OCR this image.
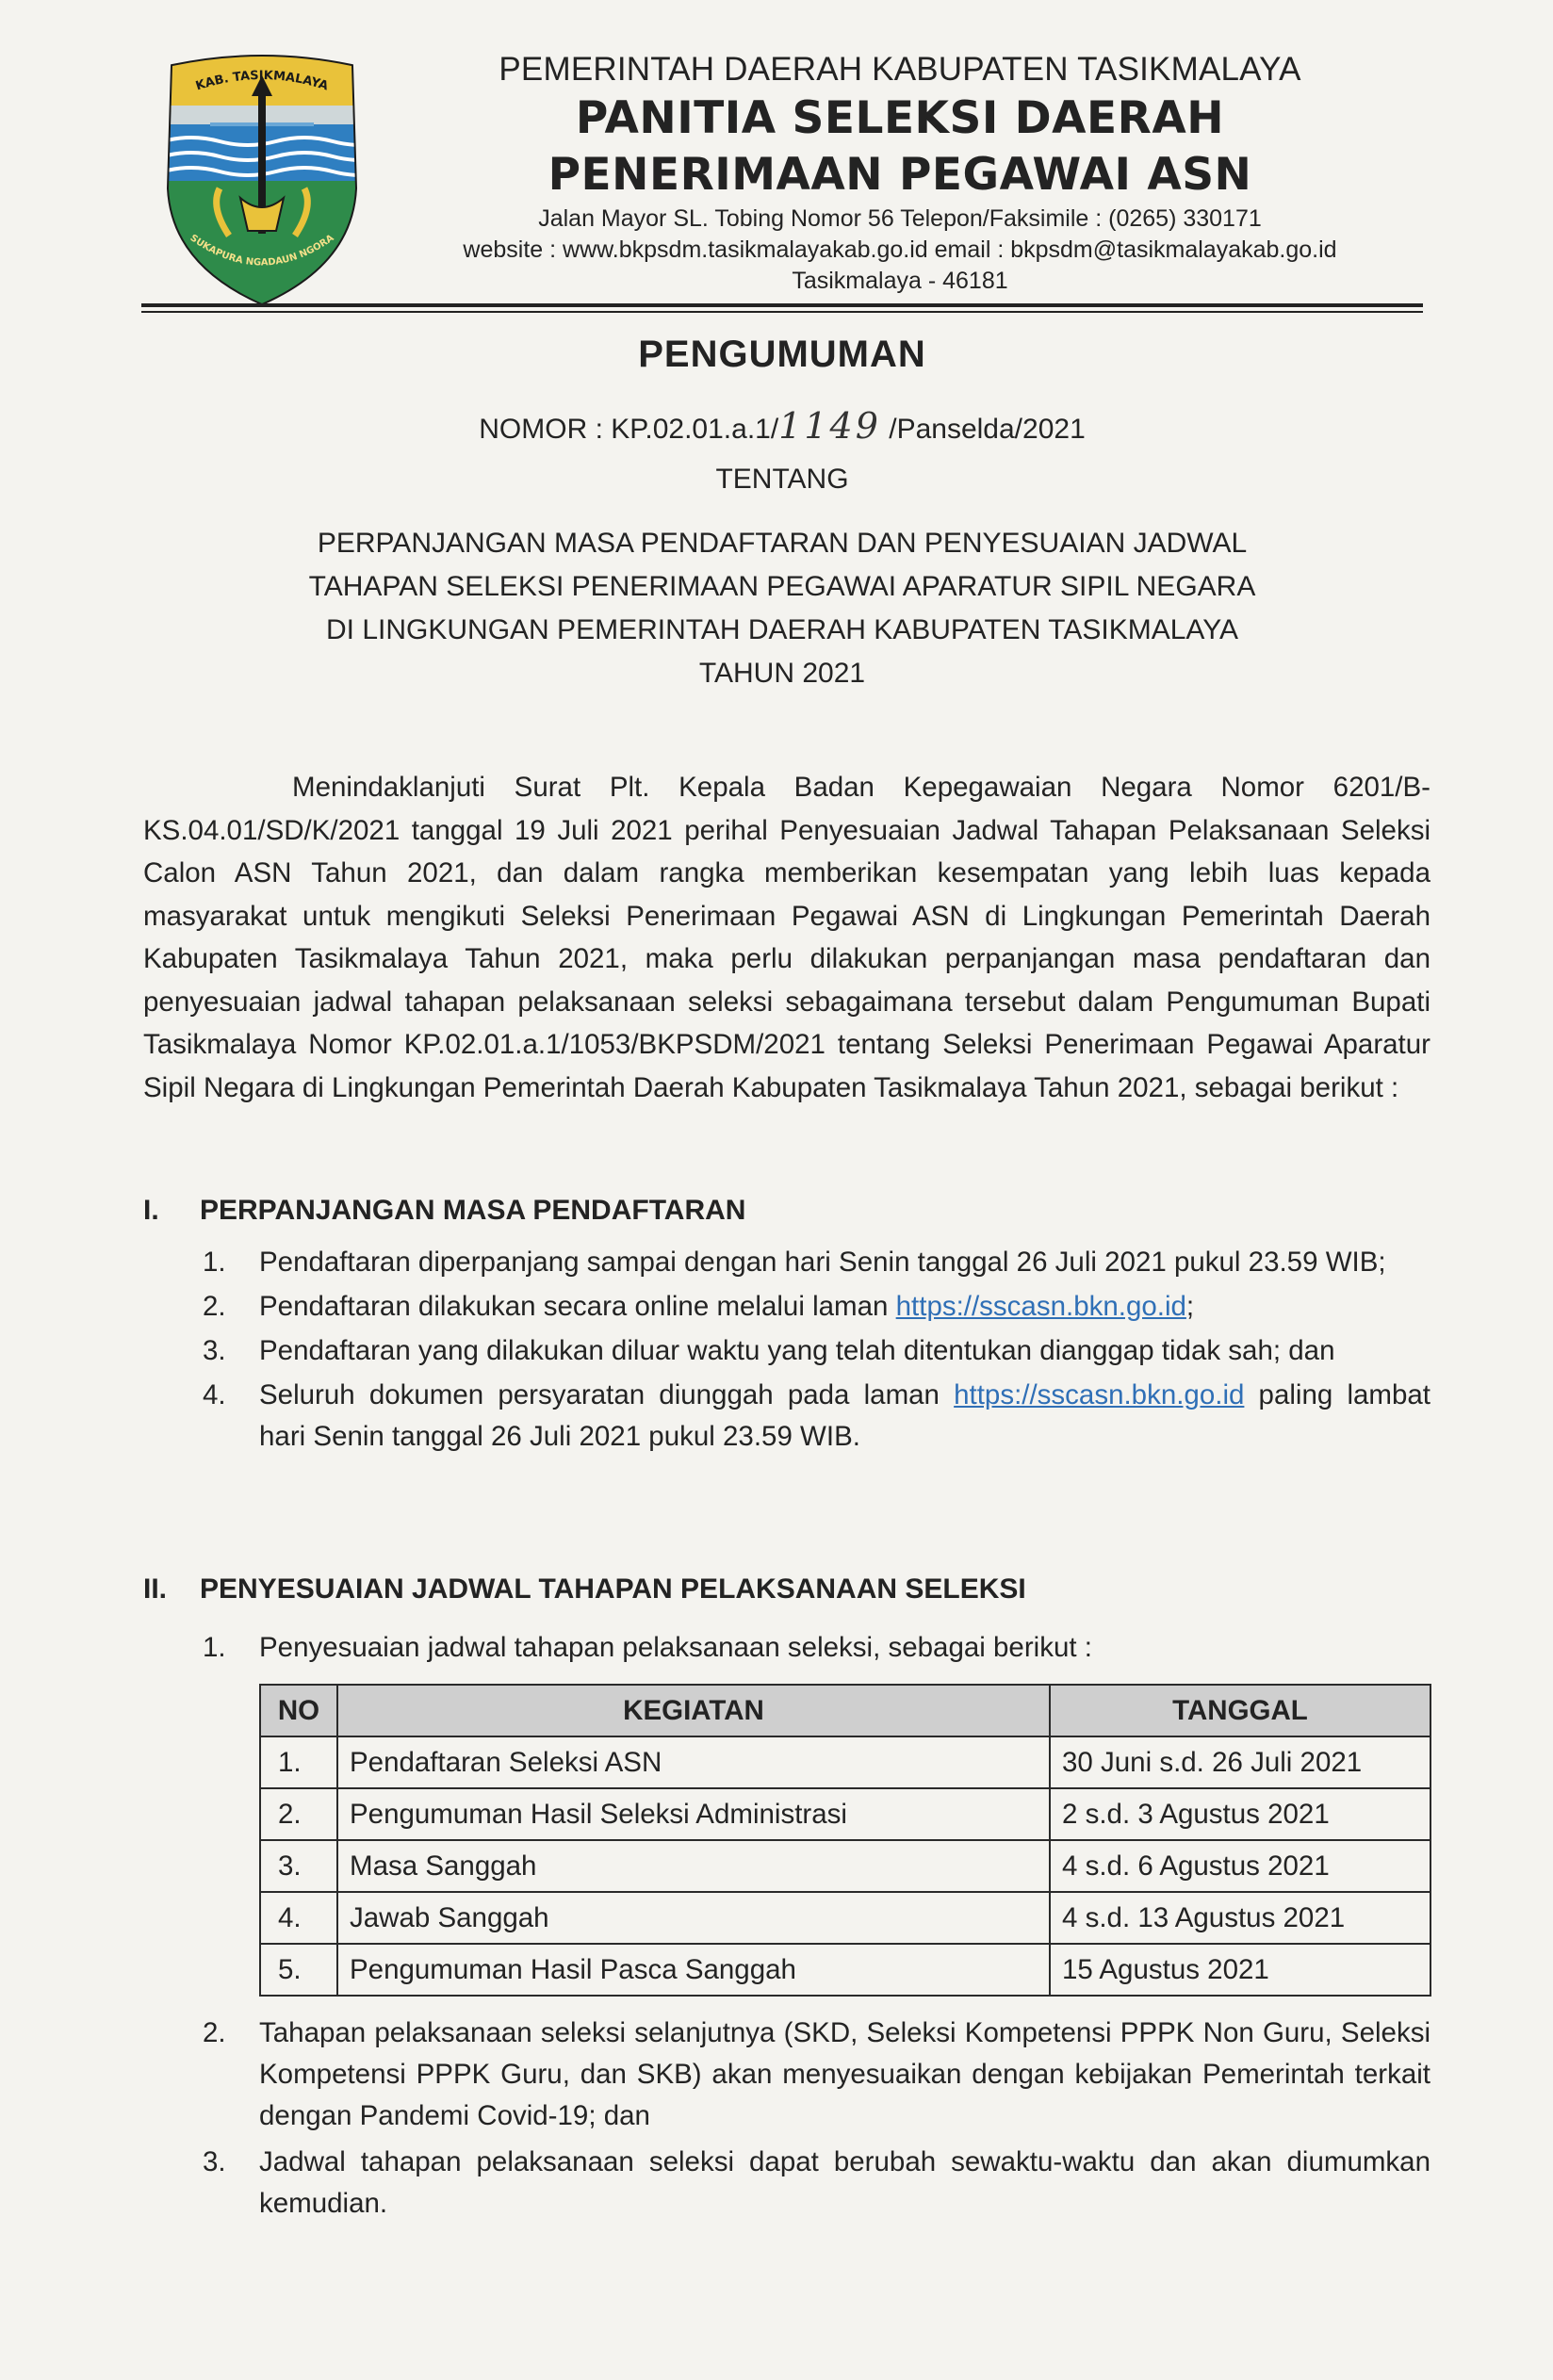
KAB. TASIKMALAYA
SUKAPURA NGADAUN NGORA
PEMERINTAH DAERAH KABUPATEN TASIKMALAYA
PANITIA SELEKSI DAERAH
PENERIMAAN PEGAWAI ASN
Jalan Mayor SL. Tobing Nomor 56 Telepon/Faksimile : (0265) 330171
website : www.bkpsdm.tasikmalayakab.go.id email : bkpsdm@tasikmalayakab.go.id
Tasikmalaya - 46181
PENGUMUMAN
NOMOR : KP.02.01.a.1/1149 /Panselda/2021
TENTANG
PERPANJANGAN MASA PENDAFTARAN DAN PENYESUAIAN JADWAL
TAHAPAN SELEKSI PENERIMAAN PEGAWAI APARATUR SIPIL NEGARA
DI LINGKUNGAN PEMERINTAH DAERAH KABUPATEN TASIKMALAYA
TAHUN 2021

Menindaklanjuti Surat Plt. Kepala Badan Kepegawaian Negara Nomor 6201/B-KS.04.01/SD/K/2021 tanggal 19 Juli 2021 perihal Penyesuaian Jadwal Tahapan Pelaksanaan Seleksi Calon ASN Tahun 2021, dan dalam rangka memberikan kesempatan yang lebih luas kepada masyarakat untuk mengikuti Seleksi Penerimaan Pegawai ASN di Lingkungan Pemerintah Daerah Kabupaten Tasikmalaya Tahun 2021, maka perlu dilakukan perpanjangan masa pendaftaran dan penyesuaian jadwal tahapan pelaksanaan seleksi sebagaimana tersebut dalam Pengumuman Bupati Tasikmalaya Nomor KP.02.01.a.1/1053/BKPSDM/2021 tentang Seleksi Penerimaan Pegawai Aparatur Sipil Negara di Lingkungan Pemerintah Daerah Kabupaten Tasikmalaya Tahun 2021, sebagai berikut :

I. PERPANJANGAN MASA PENDAFTARAN
1. Pendaftaran diperpanjang sampai dengan hari Senin tanggal 26 Juli 2021 pukul 23.59 WIB;
2. Pendaftaran dilakukan secara online melalui laman https://sscasn.bkn.go.id;
3. Pendaftaran yang dilakukan diluar waktu yang telah ditentukan dianggap tidak sah; dan
4. Seluruh dokumen persyaratan diunggah pada laman https://sscasn.bkn.go.id paling lambat hari Senin tanggal 26 Juli 2021 pukul 23.59 WIB.
II. PENYESUAIAN JADWAL TAHAPAN PELAKSANAAN SELEKSI
1. Penyesuaian jadwal tahapan pelaksanaan seleksi, sebagai berikut :
NO	KEGIATAN	TANGGAL
1.	Pendaftaran Seleksi ASN	30 Juni s.d. 26 Juli 2021
2.	Pengumuman Hasil Seleksi Administrasi	2 s.d. 3 Agustus 2021
3.	Masa Sanggah	4 s.d. 6 Agustus 2021
4.	Jawab Sanggah	4 s.d. 13 Agustus 2021
5.	Pengumuman Hasil Pasca Sanggah	15 Agustus 2021
2. Tahapan pelaksanaan seleksi selanjutnya (SKD, Seleksi Kompetensi PPPK Non Guru, Seleksi Kompetensi PPPK Guru, dan SKB) akan menyesuaikan dengan kebijakan Pemerintah terkait dengan Pandemi Covid-19; dan
3. Jadwal tahapan pelaksanaan seleksi dapat berubah sewaktu-waktu dan akan diumumkan kemudian.
